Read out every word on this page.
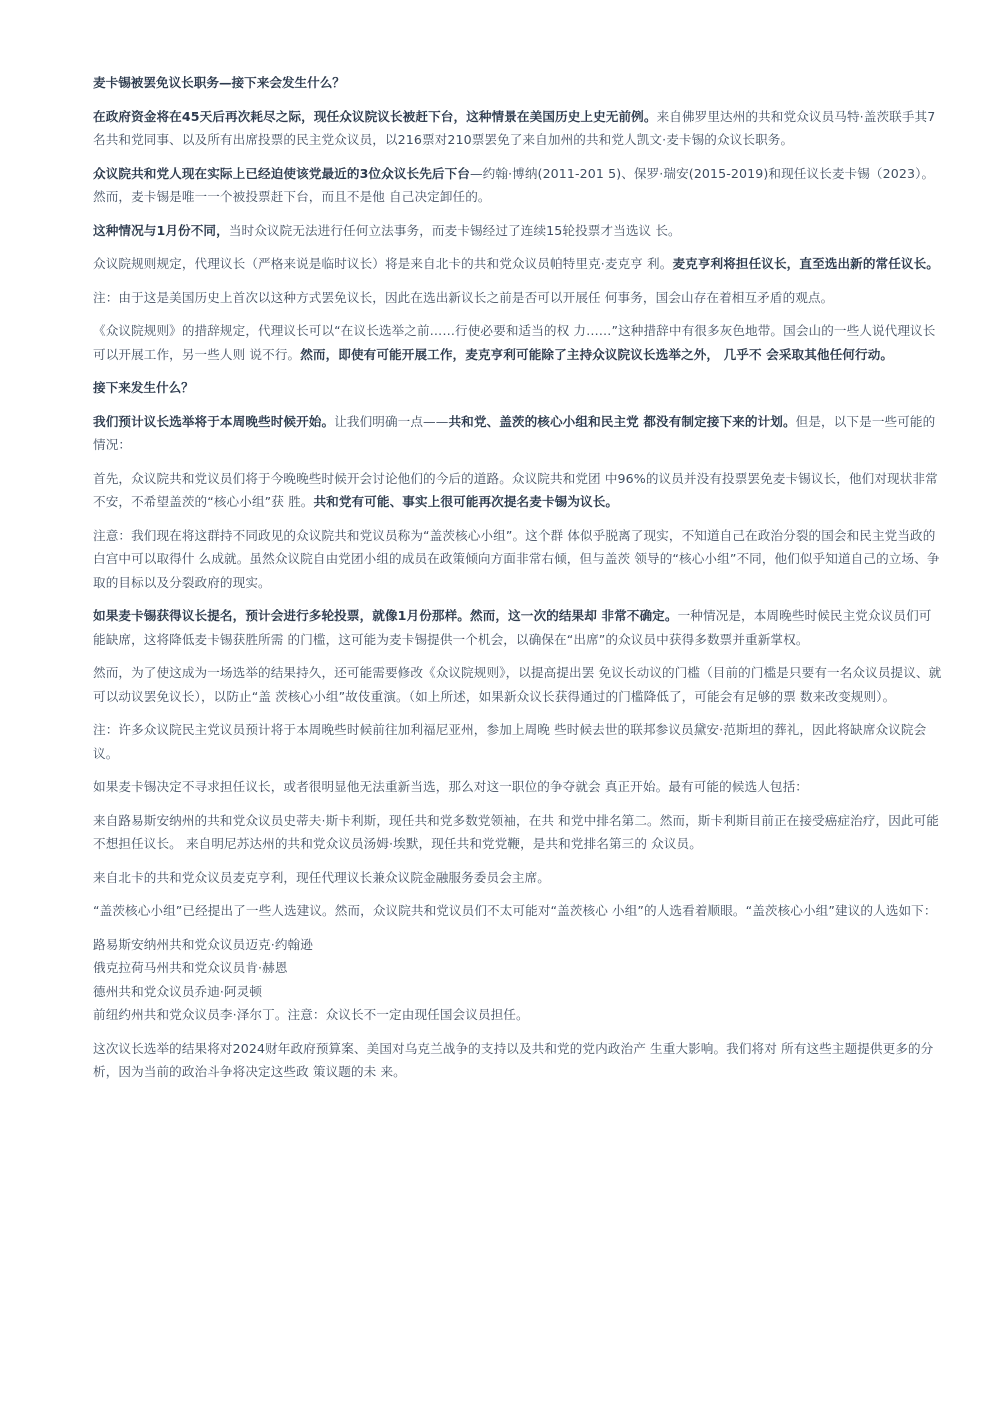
麦卡锡被罢免议长职务—接下来会发生什么？

在政府资金将在45天后再次耗尽之际，现任众议院议长被赶下台，这种情景在美国历史上史无前例。来自佛罗里达州的共和党众议员马特·盖茨联手其7名共和党同事、以及所有出席投票的民主党众议员，以216票对210票罢免了来自加州的共和党人凯文·麦卡锡的众议长职务。

众议院共和党人现在实际上已经迫使该党最近的3位众议长先后下台—约翰·博纳(2011-201 5)、保罗·瑞安(2015-2019)和现任议长麦卡锡（2023）。然而，麦卡锡是唯一一个被投票赶下台，而且不是他 自己决定卸任的。

这种情况与1月份不同，当时众议院无法进行任何立法事务，而麦卡锡经过了连续15轮投票才当选议 长。

众议院规则规定，代理议长（严格来说是临时议长）将是来自北卡的共和党众议员帕特里克·麦克亨 利。麦克亨利将担任议长，直至选出新的常任议长。

注：由于这是美国历史上首次以这种方式罢免议长，因此在选出新议长之前是否可以开展任 何事务，国会山存在着相互矛盾的观点。

《众议院规则》的措辞规定，代理议长可以“在议长选举之前……行使必要和适当的权 力……”这种措辞中有很多灰色地带。国会山的一些人说代理议长可以开展工作，另一些人则 说不行。然而，即使有可能开展工作，麦克亨利可能除了主持众议院议长选举之外， 几乎不 会采取其他任何行动。

接下来发生什么？

我们预计议长选举将于本周晚些时候开始。让我们明确一点——共和党、盖茨的核心小组和民主党 都没有制定接下来的计划。但是，以下是一些可能的情况：

首先，众议院共和党议员们将于今晚晚些时候开会讨论他们的今后的道路。众议院共和党团 中96%的议员并没有投票罢免麦卡锡议长，他们对现状非常不安，不希望盖茨的“核心小组”获 胜。共和党有可能、事实上很可能再次提名麦卡锡为议长。

注意：我们现在将这群持不同政见的众议院共和党议员称为“盖茨核心小组”。这个群 体似乎脱离了现实，不知道自己在政治分裂的国会和民主党当政的白宫中可以取得什 么成就。虽然众议院自由党团小组的成员在政策倾向方面非常右倾，但与盖茨 领导的“核心小组”不同，他们似乎知道自己的立场、争取的目标以及分裂政府的现实。

如果麦卡锡获得议长提名，预计会进行多轮投票，就像1月份那样。然而，这一次的结果却 非常不确定。一种情况是，本周晚些时候民主党众议员们可能缺席，这将降低麦卡锡获胜所需 的门槛，这可能为麦卡锡提供一个机会，以确保在“出席”的众议员中获得多数票并重新掌权。

然而，为了使这成为一场选举的结果持久，还可能需要修改《众议院规则》，以提高提出罢 免议长动议的门槛（目前的门槛是只要有一名众议员提议、就可以动议罢免议长），以防止“盖 茨核心小组”故伎重演。（如上所述，如果新众议长获得通过的门槛降低了，可能会有足够的票 数来改变规则）。

注：许多众议院民主党议员预计将于本周晚些时候前往加利福尼亚州，参加上周晚 些时候去世的联邦参议员黛安·范斯坦的葬礼，因此将缺席众议院会议。

如果麦卡锡决定不寻求担任议长，或者很明显他无法重新当选，那么对这一职位的争夺就会 真正开始。最有可能的候选人包括：

来自路易斯安纳州的共和党众议员史蒂夫·斯卡利斯，现任共和党多数党领袖，在共 和党中排名第二。然而，斯卡利斯目前正在接受癌症治疗，因此可能不想担任议长。 来自明尼苏达州的共和党众议员汤姆·埃默，现任共和党党鞭，是共和党排名第三的 众议员。

来自北卡的共和党众议员麦克亨利，现任代理议长兼众议院金融服务委员会主席。

“盖茨核心小组”已经提出了一些人选建议。然而，众议院共和党议员们不太可能对“盖茨核心 小组”的人选看着顺眼。“盖茨核心小组”建议的人选如下：

路易斯安纳州共和党众议员迈克·约翰逊

俄克拉荷马州共和党众议员肯·赫恩

德州共和党众议员乔迪·阿灵顿

前纽约州共和党众议员李·泽尔丁。注意：众议长不一定由现任国会议员担任。

这次议长选举的结果将对2024财年政府预算案、美国对乌克兰战争的支持以及共和党的党内政治产 生重大影响。我们将对 所有这些主题提供更多的分析，因为当前的政治斗争将决定这些政 策议题的未 来。
